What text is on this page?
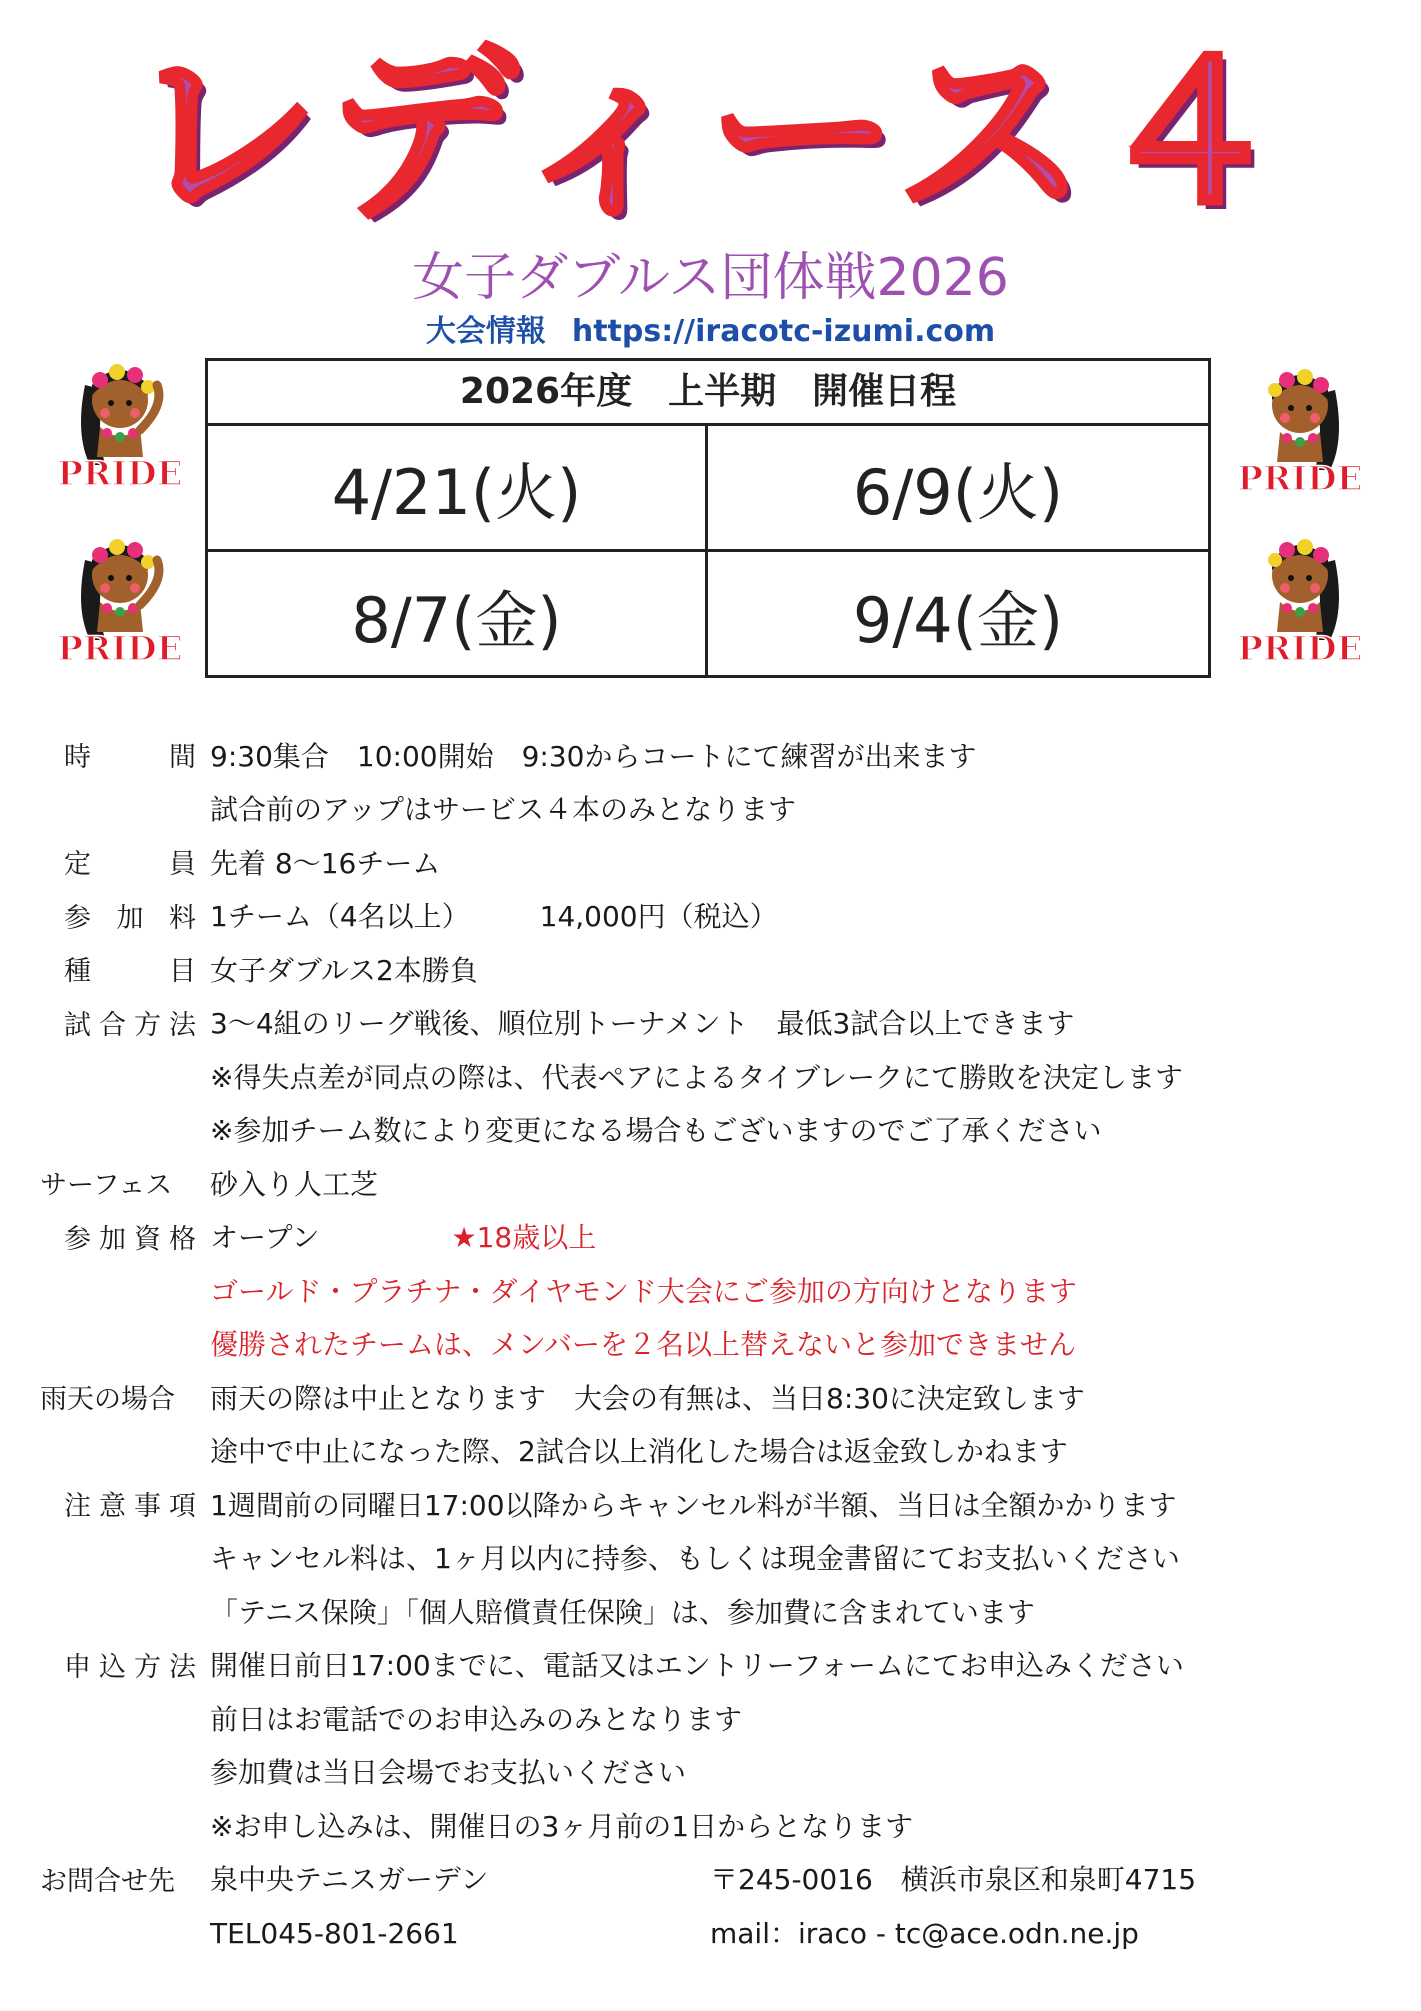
レディース４
女子ダブルス団体戦2026
大会情報 https://iracotc-izumi.com
PRIDE
PRIDE
PRIDE
PRIDE
2026年度　上半期　開催日程
4/21(火)	6/9(火)
8/7(金)	9/4(金)
時　間 9:30集合　10:00開始　9:30からコートにて練習が出来ます
試合前のアップはサービス４本のみとなります
定　員 先着 8～16チーム
参 加 料 1チーム（4名以上）	14,000円（税込）
種　目 女子ダブルス2本勝負
試合方法 3～4組のリーグ戦後、順位別トーナメント　最低3試合以上できます
※得失点差が同点の際は、代表ペアによるタイブレークにて勝敗を決定します
※参加チーム数により変更になる場合もございますのでご了承ください
サーフェス	砂入り人工芝
参加資格 オープン	★18歳以上
ゴールド・プラチナ・ダイヤモンド大会にご参加の方向けとなります
優勝されたチームは、メンバーを２名以上替えないと参加できません
雨天の場合	雨天の際は中止となります　大会の有無は、当日8:30に決定致します
途中で中止になった際、2試合以上消化した場合は返金致しかねます
注意事項 1週間前の同曜日17:00以降からキャンセル料が半額、当日は全額かかります
キャンセル料は、1ヶ月以内に持参、もしくは現金書留にてお支払いください
「テニス保険」「個人賠償責任保険」は、参加費に含まれています
申込方法 開催日前日17:00までに、電話又はエントリーフォームにてお申込みください
前日はお電話でのお申込みのみとなります
参加費は当日会場でお支払いください
※お申し込みは、開催日の3ヶ月前の1日からとなります
お問合せ先	泉中央テニスガーデン	〒245-0016　横浜市泉区和泉町4715
TEL045-801-2661	mail：iraco - tc@ace.odn.ne.jp
